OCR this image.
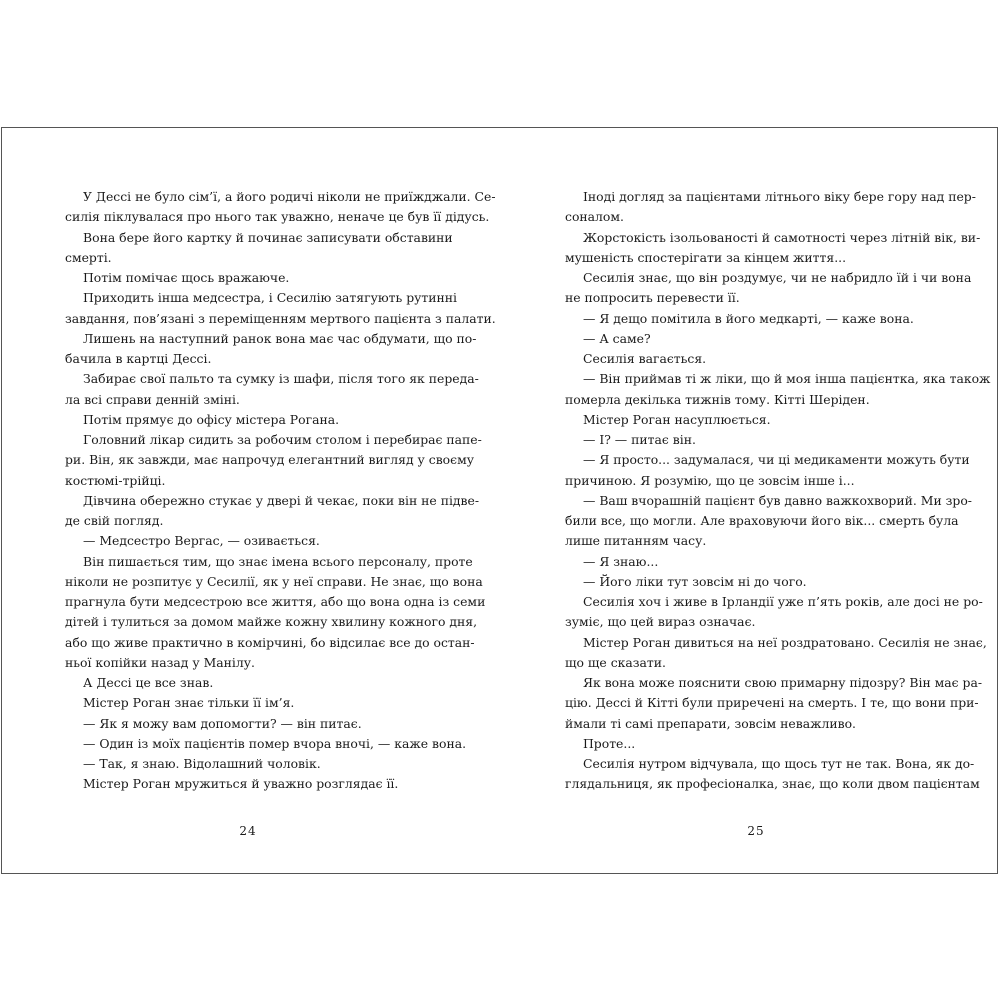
У Дессі не було сім’ї, а його родичі ніколи не приїжджали. Се-
силія піклувалася про нього так уважно, неначе це був її дідусь.
Вона бере його картку й починає записувати обставини
смерті.
Потім помічає щось вражаюче.
Приходить інша медсестра, і Сесилію затягують рутинні
завдання, пов’язані з переміщенням мертвого пацієнта з палати.
Лишень на наступний ранок вона має час обдумати, що по-
бачила в картці Дессі.
Забирає свої пальто та сумку із шафи, після того як переда-
ла всі справи денній зміні.
Потім прямує до офісу містера Рогана.
Головний лікар сидить за робочим столом і перебирає папе-
ри. Він, як завжди, має напрочуд елегантний вигляд у своєму
костюмі-трійці.
Дівчина обережно стукає у двері й чекає, поки він не підве-
де свій погляд.
— Медсестро Вергас, — озивається.
Він пишається тим, що знає імена всього персоналу, проте
ніколи не розпитує у Сесилії, як у неї справи. Не знає, що вона
прагнула бути медсестрою все життя, або що вона одна із семи
дітей і тулиться за домом майже кожну хвилину кожного дня,
або що живе практично в комірчині, бо відсилає все до остан-
ньої копійки назад у Манілу.
А Дессі це все знав.
Містер Роган знає тільки її ім’я.
— Як я можу вам допомогти? — він питає.
— Один із моїх пацієнтів помер вчора вночі, — каже вона.
— Так, я знаю. Відолашний чоловік.
Містер Роган мружиться й уважно розглядає її.
Іноді догляд за пацієнтами літнього віку бере гору над пер-
соналом.
Жорстокість ізольованості й самотності через літній вік, ви-
мушеність спостерігати за кінцем життя...
Сесилія знає, що він роздумує, чи не набридло їй і чи вона
не попросить перевести її.
— Я дещо помітила в його медкарті, — каже вона.
— А саме?
Сесилія вагається.
— Він приймав ті ж ліки, що й моя інша пацієнтка, яка також
померла декілька тижнів тому. Кітті Шеріден.
Містер Роган насуплюється.
— І? — питає він.
— Я просто... задумалася, чи ці медикаменти можуть бути
причиною. Я розумію, що це зовсім інше і...
— Ваш вчорашній пацієнт був давно важкохворий. Ми зро-
били все, що могли. Але враховуючи його вік... смерть була
лише питанням часу.
— Я знаю...
— Його ліки тут зовсім ні до чого.
Сесилія хоч і живе в Ірландії уже п’ять років, але досі не ро-
зуміє, що цей вираз означає.
Містер Роган дивиться на неї роздратовано. Сесилія не знає,
що ще сказати.
Як вона може пояснити свою примарну підозру? Він має ра-
цію. Дессі й Кітті були приречені на смерть. І те, що вони при-
ймали ті самі препарати, зовсім неважливо.
Проте...
Сесилія нутром відчувала, що щось тут не так. Вона, як до-
глядальниця, як професіоналка, знає, що коли двом пацієнтам
24	25
